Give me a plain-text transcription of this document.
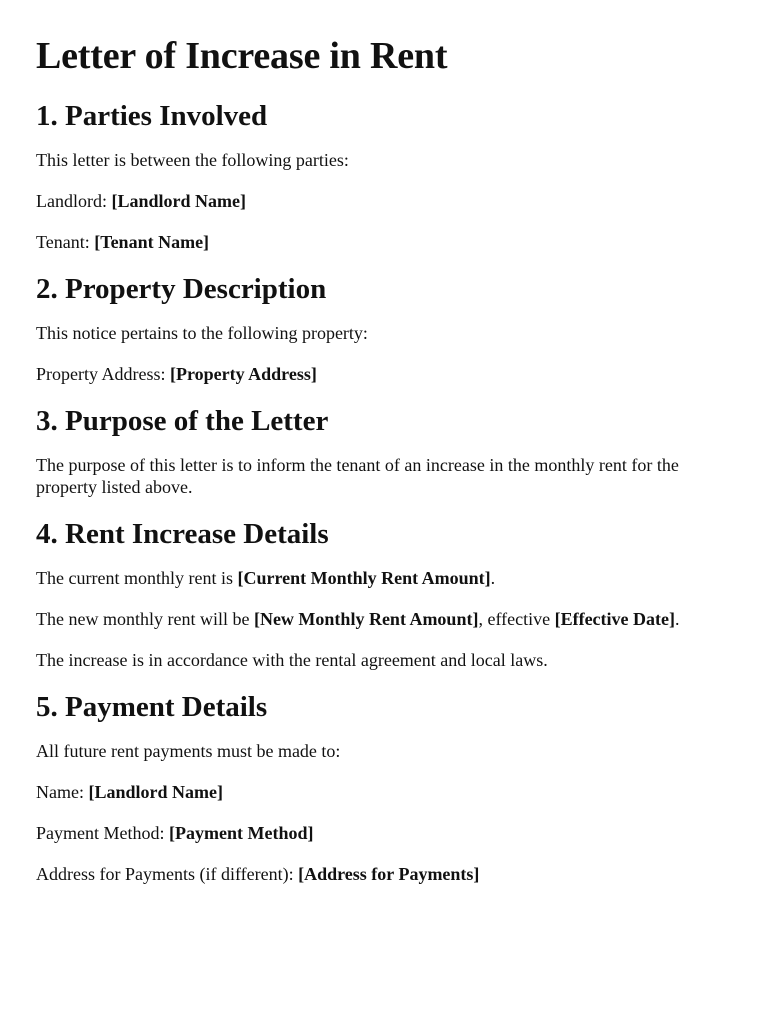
Letter of Increase in Rent
1. Parties Involved

This letter is between the following parties:

Landlord: [Landlord Name]

Tenant: [Tenant Name]

2. Property Description

This notice pertains to the following property:

Property Address: [Property Address]

3. Purpose of the Letter

The purpose of this letter is to inform the tenant of an increase in the monthly rent for the property listed above.

4. Rent Increase Details

The current monthly rent is [Current Monthly Rent Amount].

The new monthly rent will be [New Monthly Rent Amount], effective [Effective Date].

The increase is in accordance with the rental agreement and local laws.

5. Payment Details

All future rent payments must be made to:

Name: [Landlord Name]

Payment Method: [Payment Method]

Address for Payments (if different): [Address for Payments]
